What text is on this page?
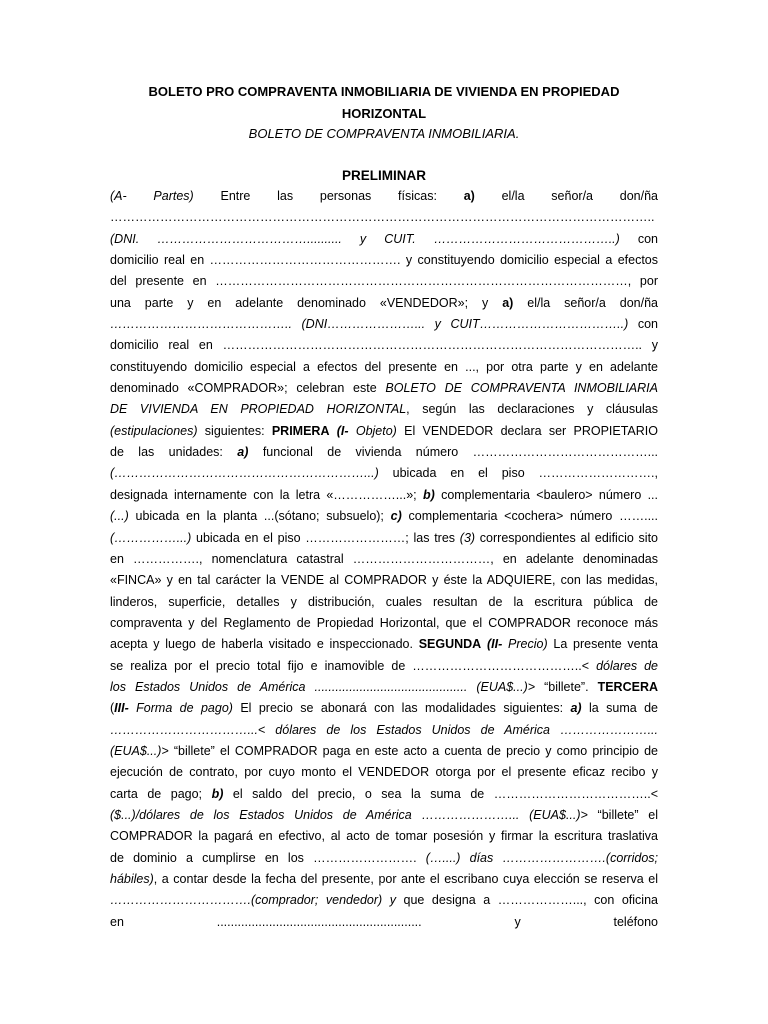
BOLETO PRO COMPRAVENTA INMOBILIARIA DE VIVIENDA EN PROPIEDAD
HORIZONTAL
BOLETO DE COMPRAVENTA INMOBILIARIA.
PRELIMINAR
(A- Partes) Entre las personas físicas: a) el/la señor/a don/ña
…………………………………………………………………………………………………………………..
(DNI. ……………………………….......... y CUIT. ……………………………………..) con
domicilio real en ………………………………………. y constituyendo domicilio especial a efectos
del presente en ………………………………………………………………………………………, por
una parte y en adelante denominado «VENDEDOR»; y a) el/la señor/a don/ña
…………………………………….. (DNI…………………... y CUIT……………………………..) con
domicilio real en ……………………………………………………………………………………….. y
constituyendo domicilio especial a efectos del presente en ..., por otra parte y en adelante
denominado «COMPRADOR»; celebran este BOLETO DE COMPRAVENTA INMOBILIARIA
DE VIVIENDA EN PROPIEDAD HORIZONTAL, según las declaraciones y cláusulas
(estipulaciones) siguientes: PRIMERA (I- Objeto) El VENDEDOR declara ser PROPIETARIO
de las unidades: a) funcional de vivienda número ……………………………………...
(……………………………………………………...) ubicada en el piso ……………………….,
designada internamente con la letra «……………...»; b) complementaria <baulero> número ...
(...) ubicada en la planta ...(sótano; subsuelo); c) complementaria <cochera> número ……....
(……………...) ubicada en el piso ……………………; las tres (3) correspondientes al edificio sito
en ……………., nomenclatura catastral ……………………………, en adelante denominadas
«FINCA» y en tal carácter la VENDE al COMPRADOR y éste la ADQUIERE, con las medidas,
linderos, superficie, detalles y distribución, cuales resultan de la escritura pública de
compraventa y del Reglamento de Propiedad Horizontal, que el COMPRADOR reconoce más
acepta y luego de haberla visitado e inspeccionado. SEGUNDA (II- Precio) La presente venta
se realiza por el precio total fijo e inamovible de …………………………………..< dólares de
los Estados Unidos de América ............................................ (EUA$...)> “billete”. TERCERA
(III- Forma de pago) El precio se abonará con las modalidades siguientes: a) la suma de
……………………………...< dólares de los Estados Unidos de América …………………...
(EUA$...)> “billete” el COMPRADOR paga en este acto a cuenta de precio y como principio de
ejecución de contrato, por cuyo monto el VENDEDOR otorga por el presente eficaz recibo y
carta de pago; b) el saldo del precio, o sea la suma de ………………………………..<
($...)/dólares de los Estados Unidos de América …………………... (EUA$...)> “billete” el
COMPRADOR la pagará en efectivo, al acto de tomar posesión y firmar la escritura traslativa
de dominio a cumplirse en los ……………………. (…....) días …………………….(corridos;
hábiles), a contar desde la fecha del presente, por ante el escribano cuya elección se reserva el
…………………………….(comprador; vendedor) y que designa a ………………..., con oficina
en ........................................................... y teléfono
